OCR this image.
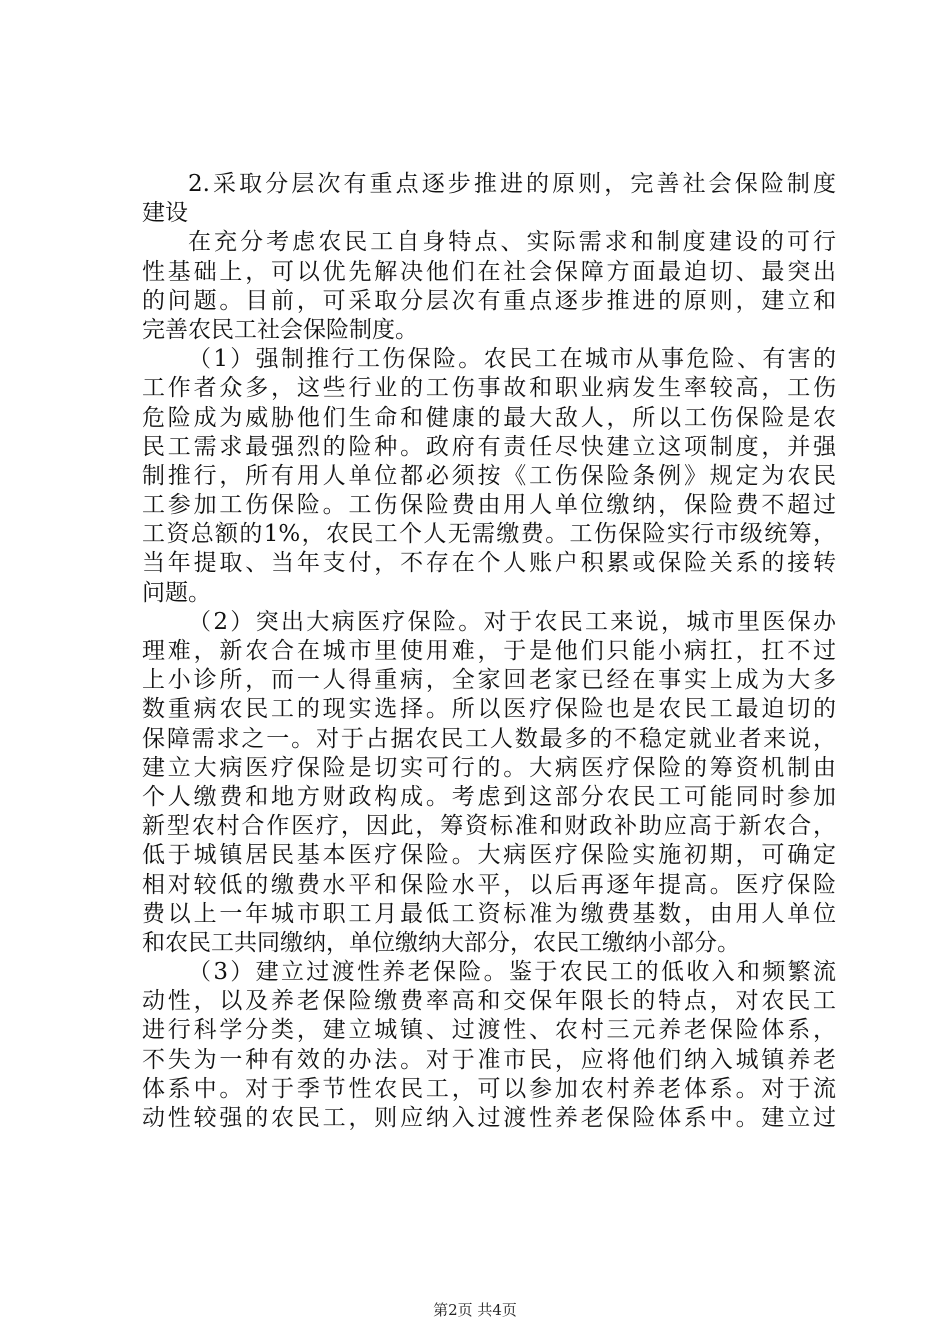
2.采取分层次有重点逐步推进的原则，完善社会保险制度
建设
在充分考虑农民工自身特点、实际需求和制度建设的可行
性基础上，可以优先解决他们在社会保障方面最迫切、最突出
的问题。目前，可采取分层次有重点逐步推进的原则，建立和
完善农民工社会保险制度。
（1）强制推行工伤保险。农民工在城市从事危险、有害的
工作者众多，这些行业的工伤事故和职业病发生率较高，工伤
危险成为威胁他们生命和健康的最大敌人，所以工伤保险是农
民工需求最强烈的险种。政府有责任尽快建立这项制度，并强
制推行，所有用人单位都必须按《工伤保险条例》规定为农民
工参加工伤保险。工伤保险费由用人单位缴纳，保险费不超过
工资总额的1%，农民工个人无需缴费。工伤保险实行市级统筹，
当年提取、当年支付，不存在个人账户积累或保险关系的接转
问题。
（2）突出大病医疗保险。对于农民工来说，城市里医保办
理难，新农合在城市里使用难，于是他们只能小病扛，扛不过
上小诊所，而一人得重病，全家回老家已经在事实上成为大多
数重病农民工的现实选择。所以医疗保险也是农民工最迫切的
保障需求之一。对于占据农民工人数最多的不稳定就业者来说，
建立大病医疗保险是切实可行的。大病医疗保险的筹资机制由
个人缴费和地方财政构成。考虑到这部分农民工可能同时参加
新型农村合作医疗，因此，筹资标准和财政补助应高于新农合，
低于城镇居民基本医疗保险。大病医疗保险实施初期，可确定
相对较低的缴费水平和保险水平，以后再逐年提高。医疗保险
费以上一年城市职工月最低工资标准为缴费基数，由用人单位
和农民工共同缴纳，单位缴纳大部分，农民工缴纳小部分。
（3）建立过渡性养老保险。鉴于农民工的低收入和频繁流
动性，以及养老保险缴费率高和交保年限长的特点，对农民工
进行科学分类，建立城镇、过渡性、农村三元养老保险体系，
不失为一种有效的办法。对于准市民，应将他们纳入城镇养老
体系中。对于季节性农民工，可以参加农村养老体系。对于流
动性较强的农民工，则应纳入过渡性养老保险体系中。建立过
第2页 共4页
